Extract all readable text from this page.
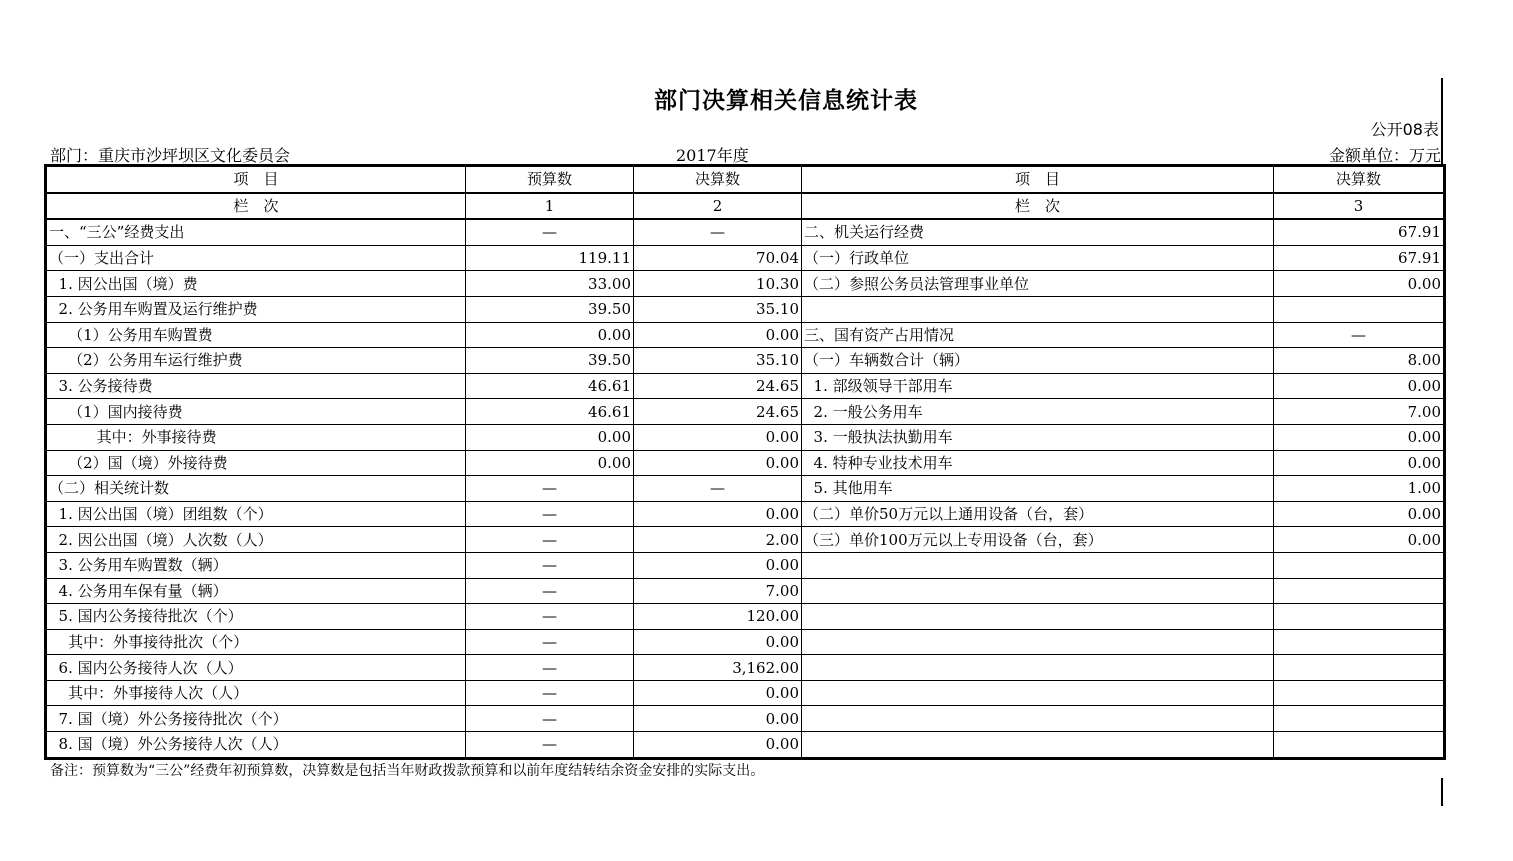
部门决算相关信息统计表
公开08表
部门：重庆市沙坪坝区文化委员会	2017年度	金额单位：万元
项　目	预算数	决算数	项　目	决算数
栏　次	1	2	栏　次	3
一、“三公”经费支出	—	—	二、机关运行经费	67.91
（一）支出合计	119.11	70.04	（一）行政单位	67.91
1. 因公出国（境）费	33.00	10.30	（二）参照公务员法管理事业单位	0.00
2. 公务用车购置及运行维护费	39.50	35.10		
（1）公务用车购置费	0.00	0.00	三、国有资产占用情况	—
（2）公务用车运行维护费	39.50	35.10	（一）车辆数合计（辆）	8.00
3. 公务接待费	46.61	24.65	1. 部级领导干部用车	0.00
（1）国内接待费	46.61	24.65	2. 一般公务用车	7.00
其中：外事接待费	0.00	0.00	3. 一般执法执勤用车	0.00
（2）国（境）外接待费	0.00	0.00	4. 特种专业技术用车	0.00
（二）相关统计数	—	—	5. 其他用车	1.00
1. 因公出国（境）团组数（个）	—	0.00	（二）单价50万元以上通用设备（台，套）	0.00
2. 因公出国（境）人次数（人）	—	2.00	（三）单价100万元以上专用设备（台，套）	0.00
3. 公务用车购置数（辆）	—	0.00		
4. 公务用车保有量（辆）	—	7.00		
5. 国内公务接待批次（个）	—	120.00		
其中：外事接待批次（个）	—	0.00		
6. 国内公务接待人次（人）	—	3,162.00		
其中：外事接待人次（人）	—	0.00		
7. 国（境）外公务接待批次（个）	—	0.00		
8. 国（境）外公务接待人次（人）	—	0.00		
备注：预算数为“三公”经费年初预算数，决算数是包括当年财政拨款预算和以前年度结转结余资金安排的实际支出。
